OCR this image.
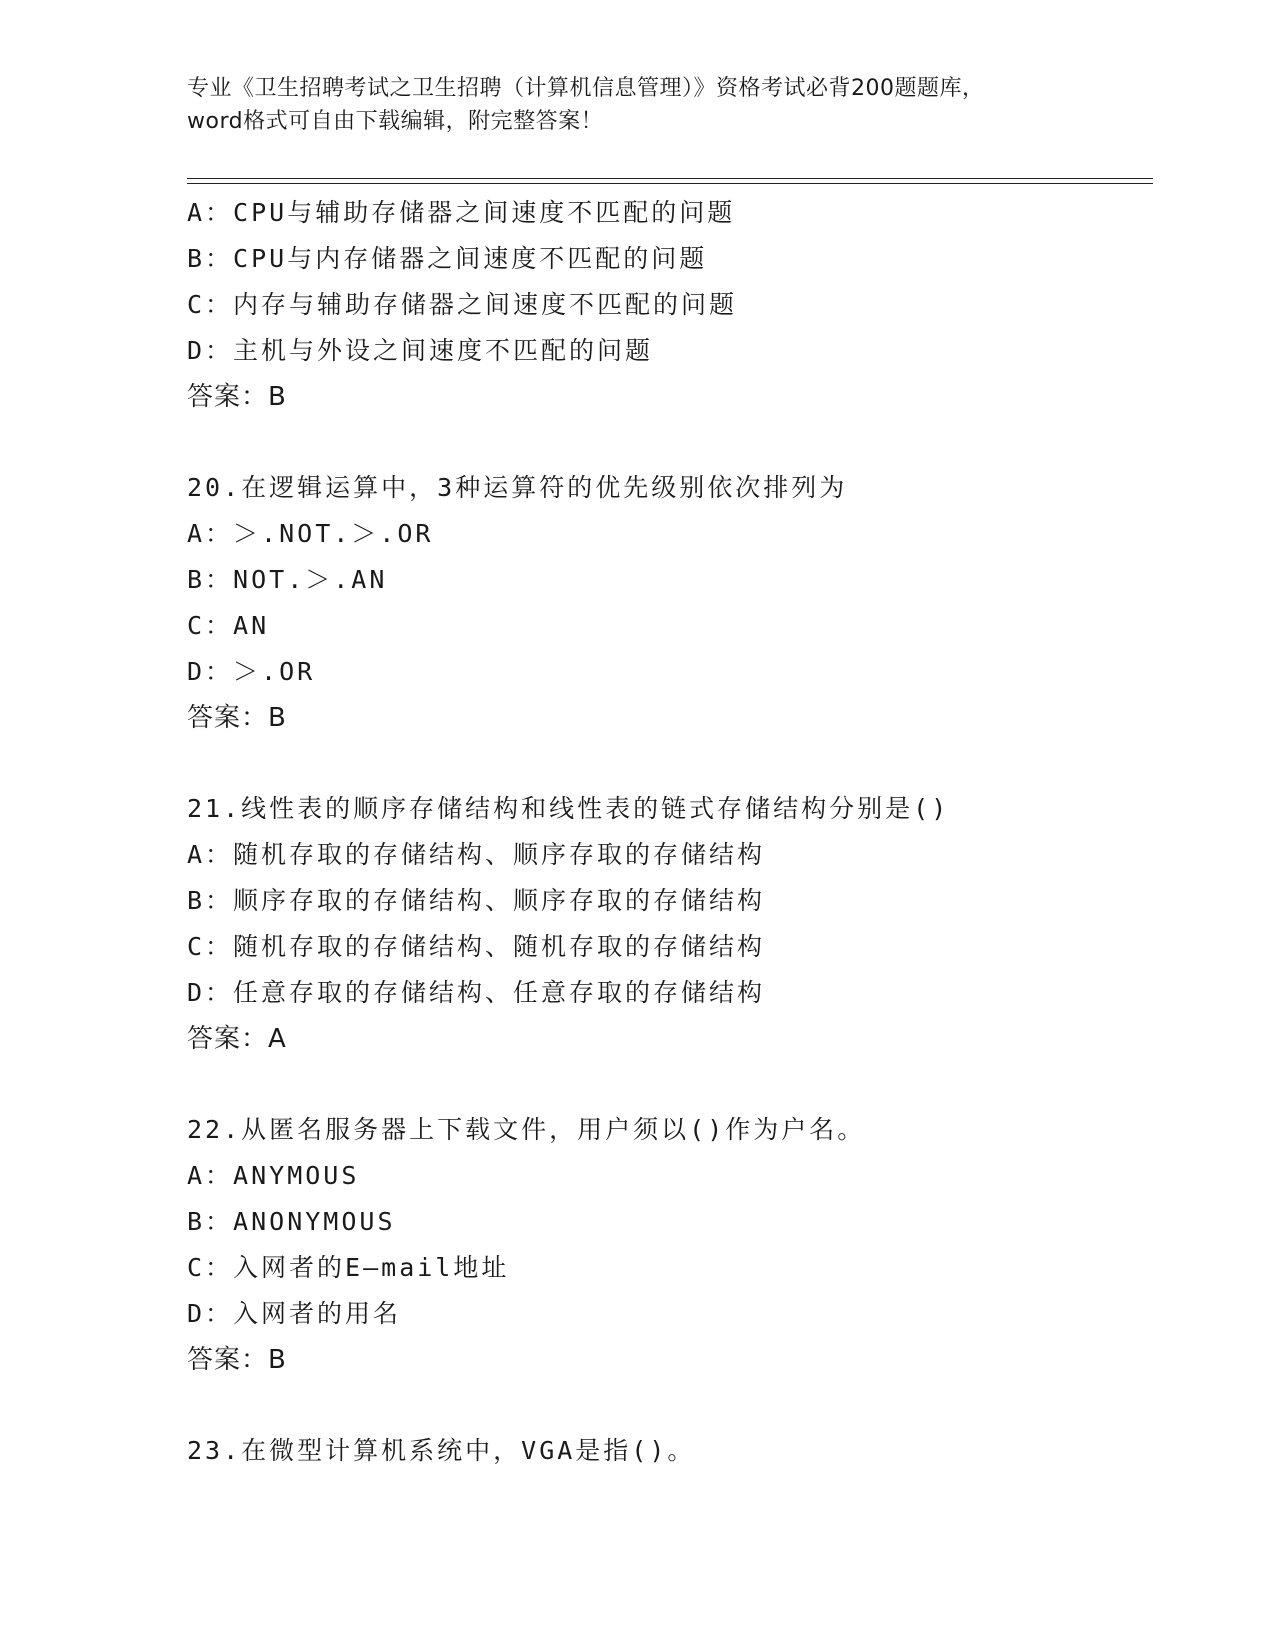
专业《卫生招聘考试之卫生招聘（计算机信息管理）》资格考试必背200题题库，
word格式可自由下载编辑，附完整答案！
A：CPU与辅助存储器之间速度不匹配的问题
B：CPU与内存储器之间速度不匹配的问题
C：内存与辅助存储器之间速度不匹配的问题
D：主机与外设之间速度不匹配的问题
答案：B
20.在逻辑运算中，3种运算符的优先级别依次排列为
A：＞.NOT.＞.OR
B：NOT.＞.AN
C：AN
D：＞.OR
答案：B
21.线性表的顺序存储结构和线性表的链式存储结构分别是()
A：随机存取的存储结构、顺序存取的存储结构
B：顺序存取的存储结构、顺序存取的存储结构
C：随机存取的存储结构、随机存取的存储结构
D：任意存取的存储结构、任意存取的存储结构
答案：A
22.从匿名服务器上下载文件，用户须以()作为户名。
A：ANYMOUS
B：ANONYMOUS
C：入网者的E—mail地址
D：入网者的用名
答案：B
23.在微型计算机系统中，VGA是指()。
